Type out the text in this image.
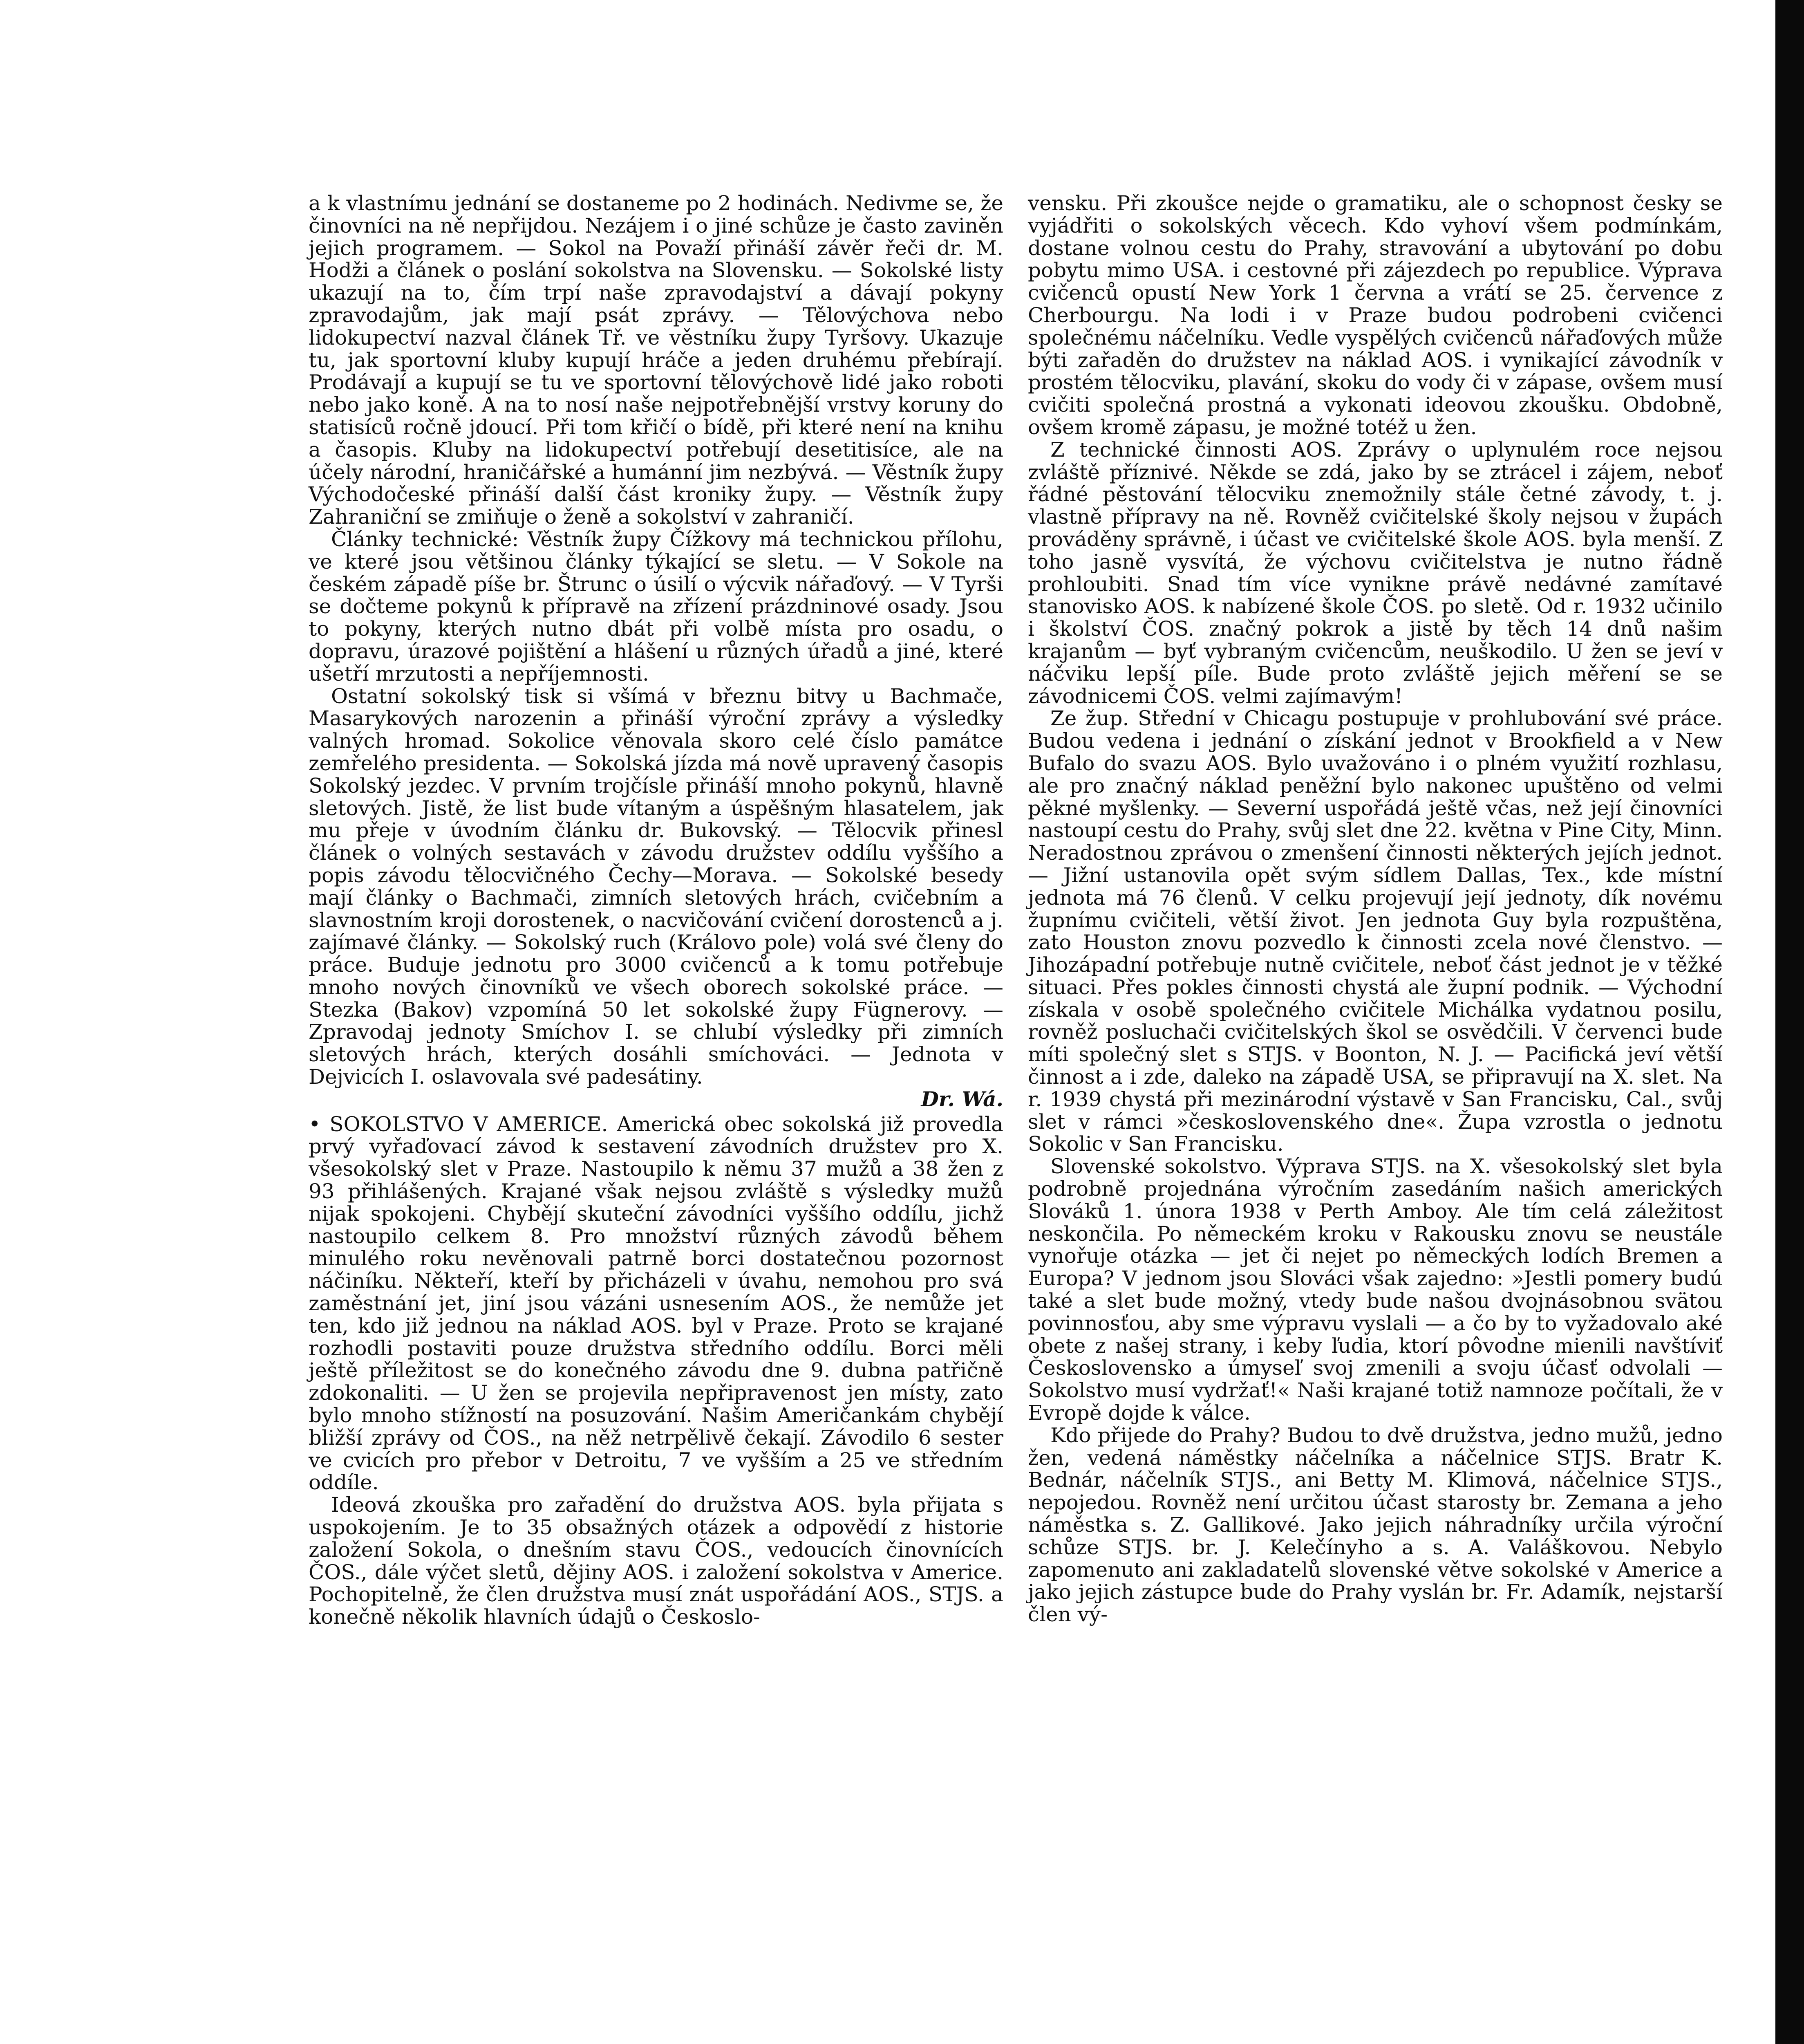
a k vlastnímu jednání se dostaneme po 2 hodinách. Nedivme se, že činovníci na ně nepřijdou. Nezájem i o jiné schůze je často zaviněn jejich programem. — Sokol na Považí přináší závěr řeči dr. M. Hodži a článek o poslání sokolstva na Slovensku. — Sokolské listy ukazují na to, čím trpí naše zpravodajství a dávají pokyny zpravodajům, jak mají psát zprávy. — Tělovýchova nebo lidokupectví nazval článek Tř. ve věstníku župy Tyršovy. Ukazuje tu, jak sportovní kluby kupují hráče a jeden druhému přebírají. Prodávají a kupují se tu ve sportovní tělovýchově lidé jako roboti nebo jako koně. A na to nosí naše nejpotřebnější vrstvy koruny do statisíců ročně jdoucí. Při tom křičí o bídě, při které není na knihu a časopis. Kluby na lidokupectví potřebují desetitisíce, ale na účely národní, hraničářské a humánní jim nezbývá. — Věstník župy Východočeské přináší další část kroniky župy. — Věstník župy Zahraniční se zmiňuje o ženě a sokolství v zahraničí.

Články technické: Věstník župy Čížkovy má technickou přílohu, ve které jsou většinou články týkající se sletu. — V Sokole na českém západě píše br. Štrunc o úsilí o výcvik nářaďový. — V Tyrši se dočteme pokynů k přípravě na zřízení prázdninové osady. Jsou to pokyny, kterých nutno dbát při volbě místa pro osadu, o dopravu, úrazové pojištění a hlášení u různých úřadů a jiné, které ušetří mrzutosti a nepříjemnosti.

Ostatní sokolský tisk si všímá v březnu bitvy u Bachmače, Masarykových narozenin a přináší výroční zprávy a výsledky valných hromad. Sokolice věnovala skoro celé číslo památce zemřelého presidenta. — Sokolská jízda má nově upravený časopis Sokolský jezdec. V prvním trojčísle přináší mnoho pokynů, hlavně sletových. Jistě, že list bude vítaným a úspěšným hlasatelem, jak mu přeje v úvodním článku dr. Bukovský. — Tělocvik přinesl článek o volných sestavách v závodu družstev oddílu vyššího a popis závodu tělocvičného Čechy—Morava. — Sokolské besedy mají články o Bachmači, zimních sletových hrách, cvičebním a slavnostním kroji dorostenek, o nacvičování cvičení dorostenců a j. zajímavé články. — Sokolský ruch (Královo pole) volá své členy do práce. Buduje jednotu pro 3000 cvičenců a k tomu potřebuje mnoho nových činovníků ve všech oborech sokolské práce. — Stezka (Bakov) vzpomíná 50 let sokolské župy Fügnerovy. — Zpravodaj jednoty Smíchov I. se chlubí výsledky při zimních sletových hrách, kterých dosáhli smíchováci. — Jednota v Dejvicích I. oslavovala své padesátiny.

Dr. Wá.

• SOKOLSTVO V AMERICE. Americká obec sokolská již provedla prvý vyřaďovací závod k sestavení závodních družstev pro X. všesokolský slet v Praze. Nastoupilo k němu 37 mužů a 38 žen z 93 přihlášených. Krajané však nejsou zvláště s výsledky mužů nijak spokojeni. Chybějí skuteční závodníci vyššího oddílu, jichž nastoupilo celkem 8. Pro množství různých závodů během minulého roku nevěnovali patrně borci dostatečnou pozornost náčiníku. Někteří, kteří by přicházeli v úvahu, nemohou pro svá zaměstnání jet, jiní jsou vázáni usnesením AOS., že nemůže jet ten, kdo již jednou na náklad AOS. byl v Praze. Proto se krajané rozhodli postaviti pouze družstva středního oddílu. Borci měli ještě příležitost se do konečného závodu dne 9. dubna patřičně zdokonaliti. — U žen se projevila nepřipravenost jen místy, zato bylo mnoho stížností na posuzování. Našim Američankám chybějí bližší zprávy od ČOS., na něž netrpělivě čekají. Závodilo 6 sester ve cvicích pro přebor v Detroitu, 7 ve vyšším a 25 ve středním oddíle.

Ideová zkouška pro zařadění do družstva AOS. byla přijata s uspokojením. Je to 35 obsažných otázek a odpovědí z historie založení Sokola, o dnešním stavu ČOS., vedoucích činovnících ČOS., dále výčet sletů, dějiny AOS. i založení sokolstva v Americe. Pochopitelně, že člen družstva musí znát uspořádání AOS., STJS. a konečně několik hlavních údajů o Českoslo-

vensku. Při zkoušce nejde o gramatiku, ale o schopnost česky se vyjádřiti o sokolských věcech. Kdo vyhoví všem podmínkám, dostane volnou cestu do Prahy, stravování a ubytování po dobu pobytu mimo USA. i cestovné při zájezdech po republice. Výprava cvičenců opustí New York 1 června a vrátí se 25. července z Cherbourgu. Na lodi i v Praze budou podrobeni cvičenci společnému náčelníku. Vedle vyspělých cvičenců nářaďových může býti zařaděn do družstev na náklad AOS. i vynikající závodník v prostém tělocviku, plavání, skoku do vody či v zápase, ovšem musí cvičiti společná prostná a vykonati ideovou zkoušku. Obdobně, ovšem kromě zápasu, je možné totéž u žen.

Z technické činnosti AOS. Zprávy o uplynulém roce nejsou zvláště příznivé. Někde se zdá, jako by se ztrácel i zájem, neboť řádné pěstování tělocviku znemožnily stále četné závody, t. j. vlastně přípravy na ně. Rovněž cvičitelské školy nejsou v župách prováděny správně, i účast ve cvičitelské škole AOS. byla menší. Z toho jasně vysvítá, že výchovu cvičitelstva je nutno řádně prohloubiti. Snad tím více vynikne právě nedávné zamítavé stanovisko AOS. k nabízené škole ČOS. po sletě. Od r. 1932 učinilo i školství ČOS. značný pokrok a jistě by těch 14 dnů našim krajanům — byť vybraným cvičencům, neuškodilo. U žen se jeví v náčviku lepší píle. Bude proto zvláště jejich měření se se závodnicemi ČOS. velmi zajímavým!

Ze žup. Střední v Chicagu postupuje v prohlubování své práce. Budou vedena i jednání o získání jednot v Brookfield a v New Bufalo do svazu AOS. Bylo uvažováno i o plném využití rozhlasu, ale pro značný náklad peněžní bylo nakonec upuštěno od velmi pěkné myšlenky. — Severní uspořádá ještě včas, než její činovníci nastoupí cestu do Prahy, svůj slet dne 22. května v Pine City, Minn. Neradostnou zprávou o zmenšení činnosti některých jejích jednot. — Jižní ustanovila opět svým sídlem Dallas, Tex., kde místní jednota má 76 členů. V celku projevují její jednoty, dík novému župnímu cvičiteli, větší život. Jen jednota Guy byla rozpuštěna, zato Houston znovu pozvedlo k činnosti zcela nové členstvo. — Jihozápadní potřebuje nutně cvičitele, neboť část jednot je v těžké situaci. Přes pokles činnosti chystá ale župní podnik. — Východní získala v osobě společného cvičitele Michálka vydatnou posilu, rovněž posluchači cvičitelských škol se osvědčili. V červenci bude míti společný slet s STJS. v Boonton, N. J. — Pacifická jeví větší činnost a i zde, daleko na západě USA, se připravují na X. slet. Na r. 1939 chystá při mezinárodní výstavě v San Francisku, Cal., svůj slet v rámci »československého dne«. Župa vzrostla o jednotu Sokolic v San Francisku.

Slovenské sokolstvo. Výprava STJS. na X. všesokolský slet byla podrobně projednána výročním zasedáním našich amerických Slováků 1. února 1938 v Perth Amboy. Ale tím celá záležitost neskončila. Po německém kroku v Rakousku znovu se neustále vynořuje otázka — jet či nejet po německých lodích Bremen a Europa? V jednom jsou Slováci však zajedno: »Jestli pomery budú také a slet bude možný, vtedy bude našou dvojnásobnou svätou povinnosťou, aby sme výpravu vyslali — a čo by to vyžadovalo aké obete z našej strany, i keby ľudia, ktorí pôvodne mienili navštíviť Československo a úmyseľ svoj zmenili a svoju účasť odvolali — Sokolstvo musí vydržať!« Naši krajané totiž namnoze počítali, že v Evropě dojde k válce.

Kdo přijede do Prahy? Budou to dvě družstva, jedno mužů, jedno žen, vedená náměstky náčelníka a náčelnice STJS. Bratr K. Bednár, náčelník STJS., ani Betty M. Klimová, náčelnice STJS., nepojedou. Rovněž není určitou účast starosty br. Zemana a jeho náměstka s. Z. Gallikové. Jako jejich náhradníky určila výroční schůze STJS. br. J. Kelečínyho a s. A. Valáškovou. Nebylo zapomenuto ani zakladatelů slovenské větve sokolské v Americe a jako jejich zástupce bude do Prahy vyslán br. Fr. Adamík, nejstarší člen vý-
